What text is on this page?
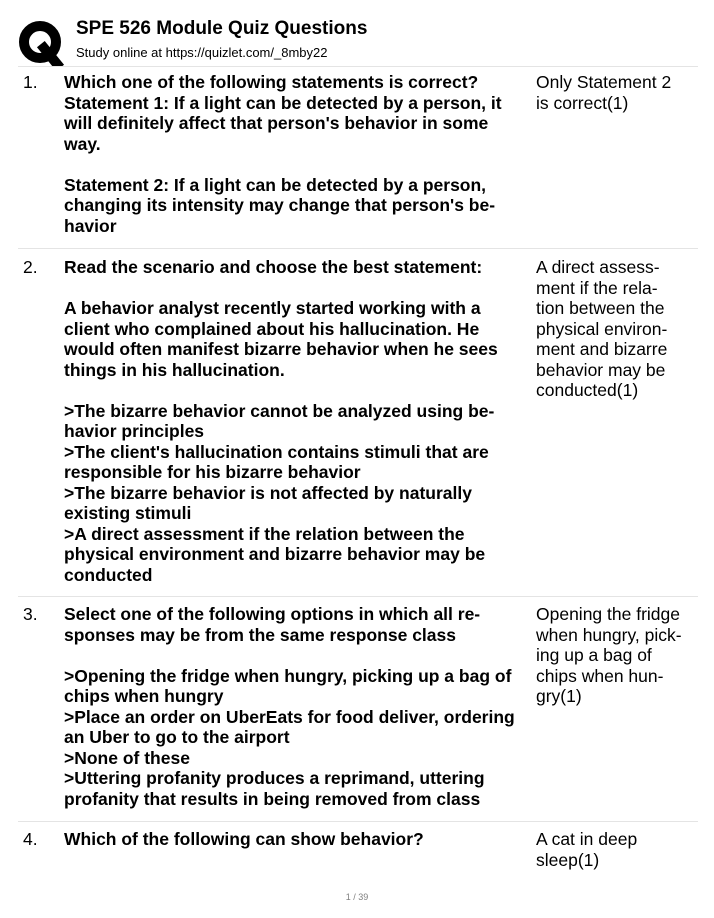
SPE 526 Module Quiz Questions
Study online at https://quizlet.com/_8mby22
1. Which one of the following statements is correct?
Statement 1: If a light can be detected by a person, it
will definitely affect that person's behavior in some
way.
Statement 2: If a light can be detected by a person,
changing its intensity may change that person's be-
havior
Only Statement 2
is correct(1)
2. Read the scenario and choose the best statement:
A behavior analyst recently started working with a
client who complained about his hallucination. He
would often manifest bizarre behavior when he sees
things in his hallucination.
>The bizarre behavior cannot be analyzed using be-
havior principles
>The client's hallucination contains stimuli that are
responsible for his bizarre behavior
>The bizarre behavior is not affected by naturally
existing stimuli
>A direct assessment if the relation between the
physical environment and bizarre behavior may be
conducted
A direct assess-
ment if the rela-
tion between the
physical environ-
ment and bizarre
behavior may be
conducted(1)
3. Select one of the following options in which all re-
sponses may be from the same response class
>Opening the fridge when hungry, picking up a bag of
chips when hungry
>Place an order on UberEats for food deliver, ordering
an Uber to go to the airport
>None of these
>Uttering profanity produces a reprimand, uttering
profanity that results in being removed from class
Opening the fridge
when hungry, pick-
ing up a bag of
chips when hun-
gry(1)
4. Which of the following can show behavior?	A cat in deep
sleep(1)
1 / 39
